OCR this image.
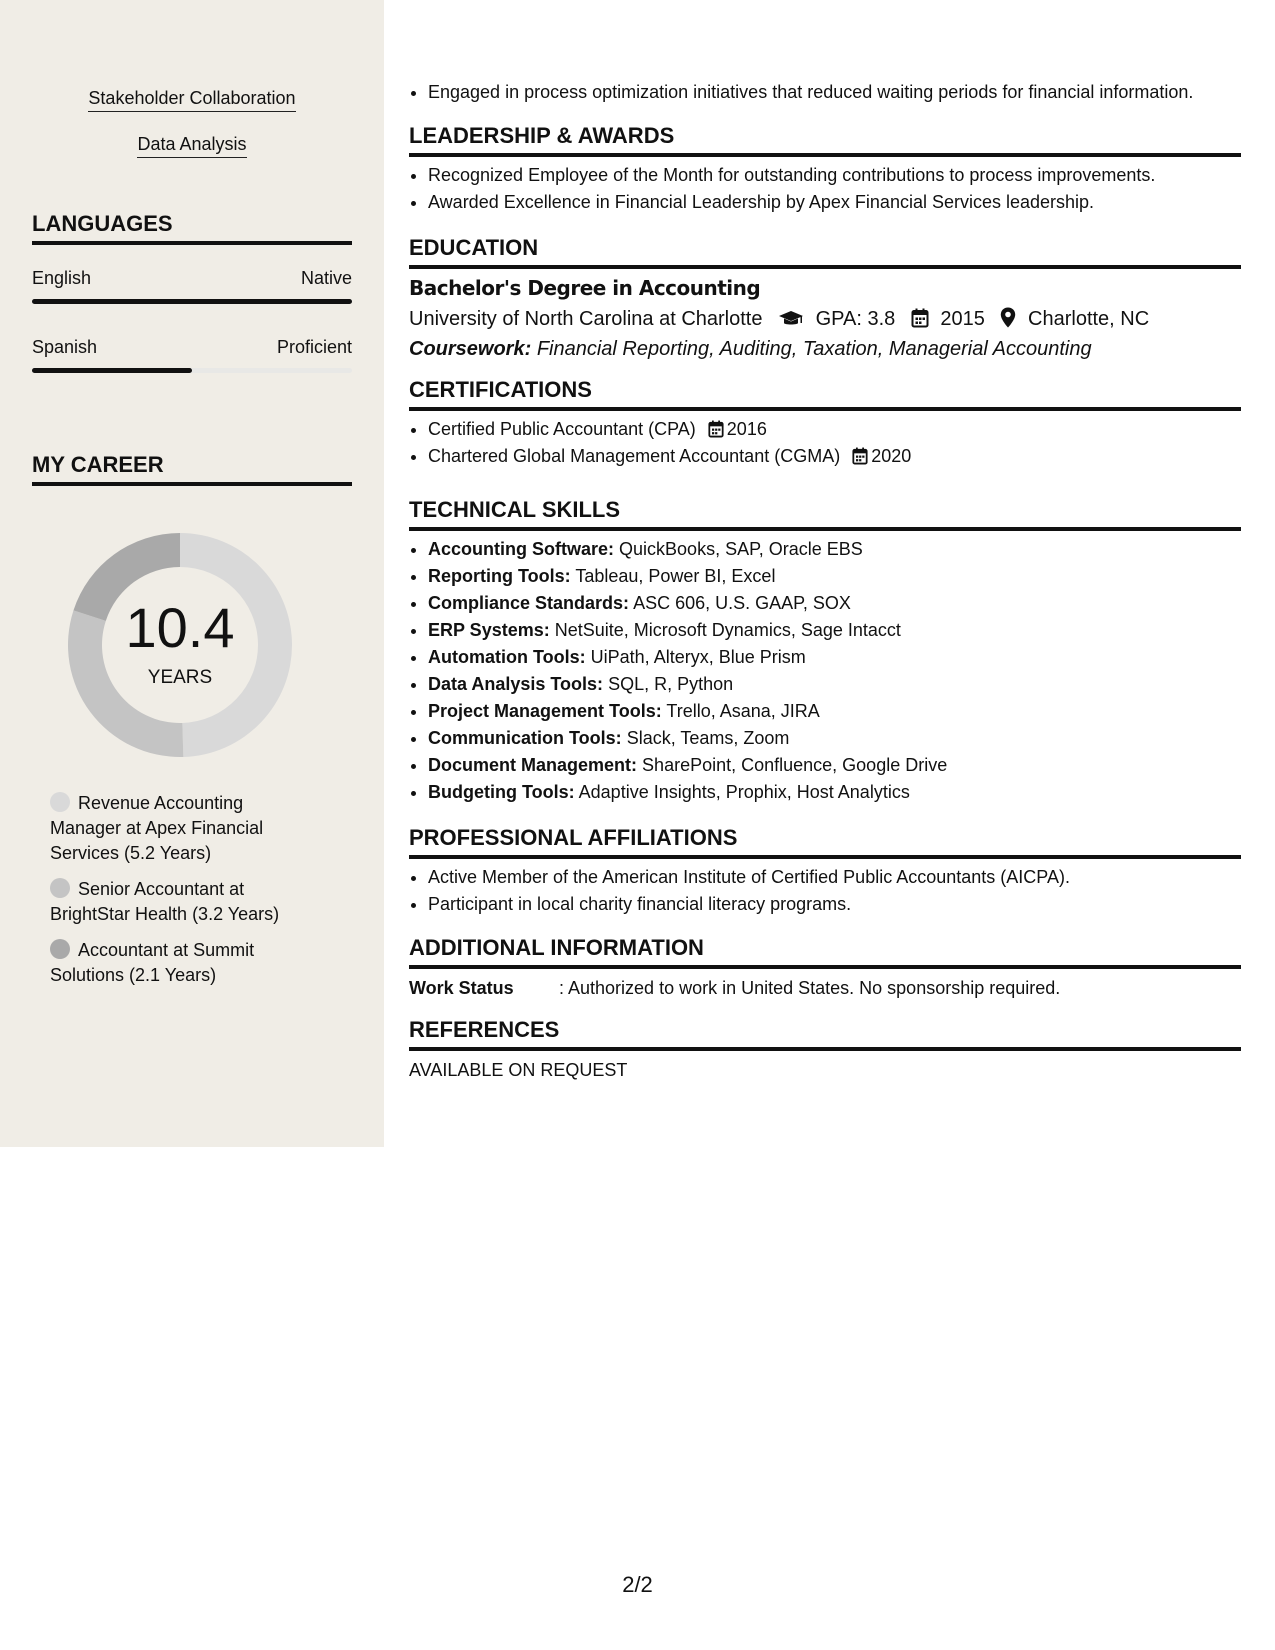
Stakeholder Collaboration
Data Analysis
LANGUAGES
English	Native
Spanish	Proficient
MY CAREER
10.4
YEARS
Revenue Accounting Manager at Apex Financial Services (5.2 Years)
Senior Accountant at BrightStar Health (3.2 Years)
Accountant at Summit Solutions (2.1 Years)
• Engaged in process optimization initiatives that reduced waiting periods for financial information.
LEADERSHIP & AWARDS
• Recognized Employee of the Month for outstanding contributions to process improvements.
• Awarded Excellence in Financial Leadership by Apex Financial Services leadership.
EDUCATION
Bachelor's Degree in Accounting
University of North Carolina at Charlotte	GPA: 3.8 2015 Charlotte, NC
Coursework: Financial Reporting, Auditing, Taxation, Managerial Accounting
CERTIFICATIONS
• Certified Public Accountant (CPA) 2016
• Chartered Global Management Accountant (CGMA) 2020
TECHNICAL SKILLS
• Accounting Software: QuickBooks, SAP, Oracle EBS
• Reporting Tools: Tableau, Power BI, Excel
• Compliance Standards: ASC 606, U.S. GAAP, SOX
• ERP Systems: NetSuite, Microsoft Dynamics, Sage Intacct
• Automation Tools: UiPath, Alteryx, Blue Prism
• Data Analysis Tools: SQL, R, Python
• Project Management Tools: Trello, Asana, JIRA
• Communication Tools: Slack, Teams, Zoom
• Document Management: SharePoint, Confluence, Google Drive
• Budgeting Tools: Adaptive Insights, Prophix, Host Analytics
PROFESSIONAL AFFILIATIONS
• Active Member of the American Institute of Certified Public Accountants (AICPA).
• Participant in local charity financial literacy programs.
ADDITIONAL INFORMATION
Work Status	: Authorized to work in United States. No sponsorship required.
REFERENCES
AVAILABLE ON REQUEST
2/2
